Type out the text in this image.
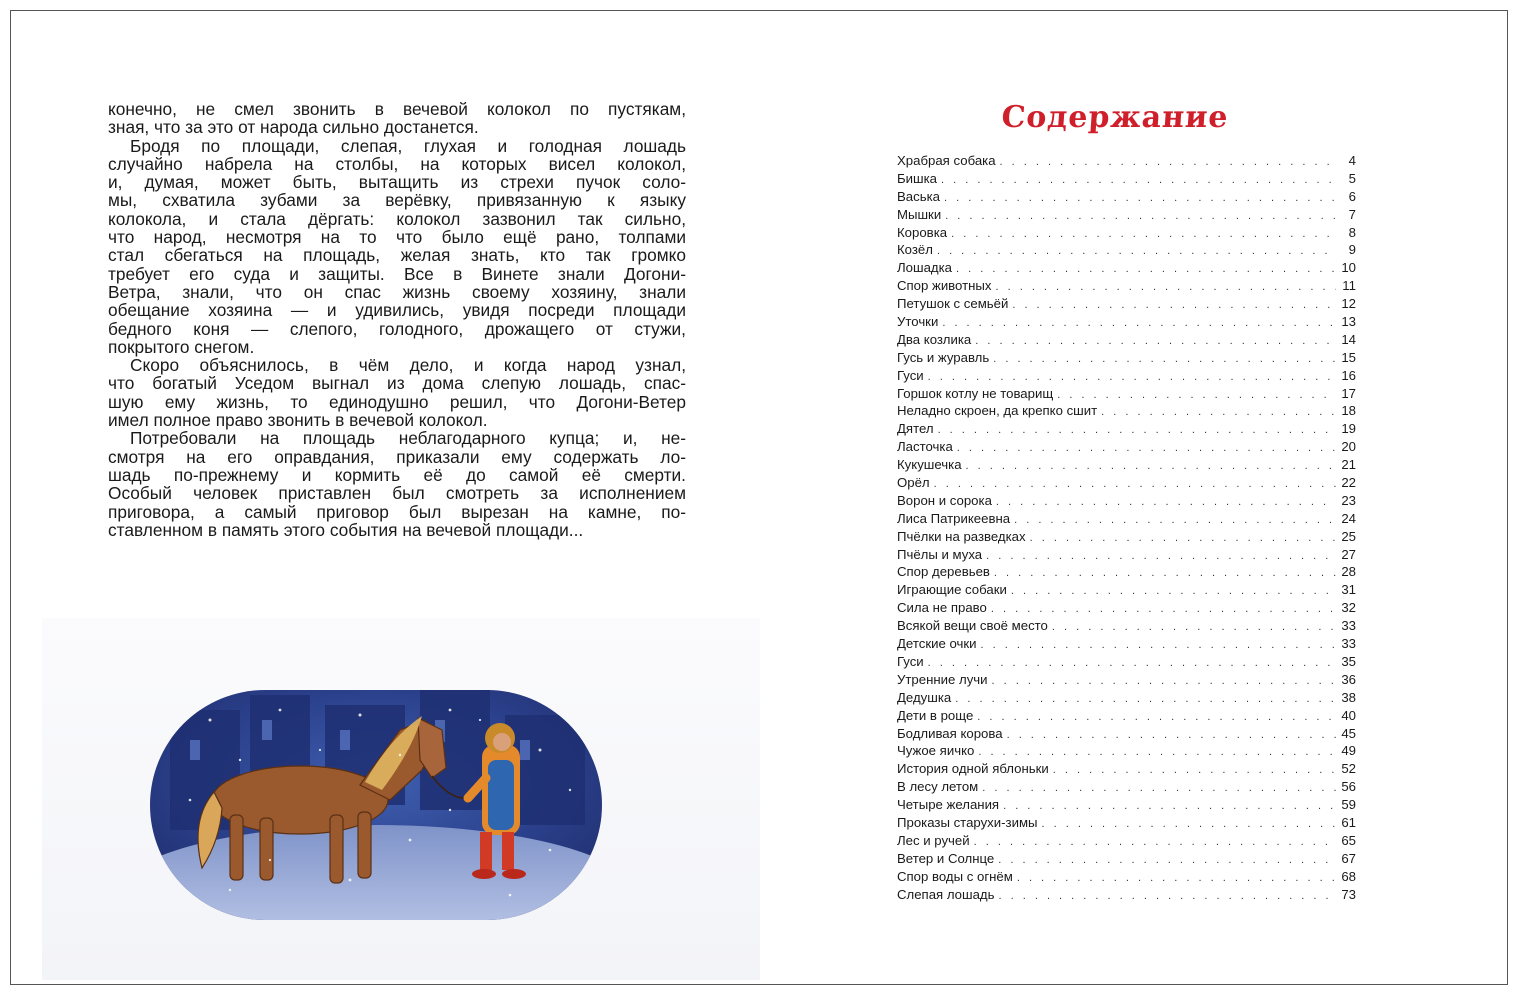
конечно, не смел звонить в вечевой колокол по пустякам,

зная, что за это от народа сильно достанется.

Бродя по площади, слепая, глухая и голодная лошадь

случайно набрела на столбы, на которых висел колокол,

и, думая, может быть, вытащить из стрехи пучок соло-

мы, схватила зубами за верёвку, привязанную к языку

колокола, и стала дёргать: колокол зазвонил так сильно,

что народ, несмотря на то что было ещё рано, толпами

стал сбегаться на площадь, желая знать, кто так громко

требует его суда и защиты. Все в Винете знали Догони-

Ветра, знали, что он спас жизнь своему хозяину, знали

обещание хозяина — и удивились, увидя посреди площади

бедного коня — слепого, голодного, дрожащего от стужи,

покрытого снегом.

Скоро объяснилось, в чём дело, и когда народ узнал,

что богатый Уседом выгнал из дома слепую лошадь, спас-

шую ему жизнь, то единодушно решил, что Догони-Ветер

имел полное право звонить в вечевой колокол.

Потребовали на площадь неблагодарного купца; и, не-

смотря на его оправдания, приказали ему содержать ло-

шадь по-прежнему и кормить её до самой её смерти.

Особый человек приставлен был смотреть за исполнением

приговора, а самый приговор был вырезан на камне, по-

ставленном в память этого события на вечевой площади...

Содержание
Храбрая собака . . .	4
Бишка . . .	5
Васька . . .	6
Мышки . . .	7
Коровка . . .	8
Козёл . . .	9
Лошадка . . .	10
Спор животных . . .	11
Петушок с семьёй . . .	12
Уточки . . .	13
Два козлика . . .	14
Гусь и журавль . . .	15
Гуси . . .	16
Горшок котлу не товарищ . . .	17
Неладно скроен, да крепко сшит . . .	18
Дятел . . .	19
Ласточка . . .	20
Кукушечка . . .	21
Орёл . . .	22
Ворон и сорока . . .	23
Лиса Патрикеевна . . .	24
Пчёлки на разведках . . .	25
Пчёлы и муха . . .	27
Спор деревьев . . .	28
Играющие собаки . . .	31
Сила не право . . .	32
Всякой вещи своё место . . .	33
Детские очки . . .	33
Гуси . . .	35
Утренние лучи . . .	36
Дедушка . . .	38
Дети в роще . . .	40
Бодливая корова . . .	45
Чужое яичко . . .	49
История одной яблоньки . . .	52
В лесу летом . . .	56
Четыре желания . . .	59
Проказы старухи-зимы . . .	61
Лес и ручей . . .	65
Ветер и Солнце . . .	67
Спор воды с огнём . . .	68
Слепая лошадь . . .	73
